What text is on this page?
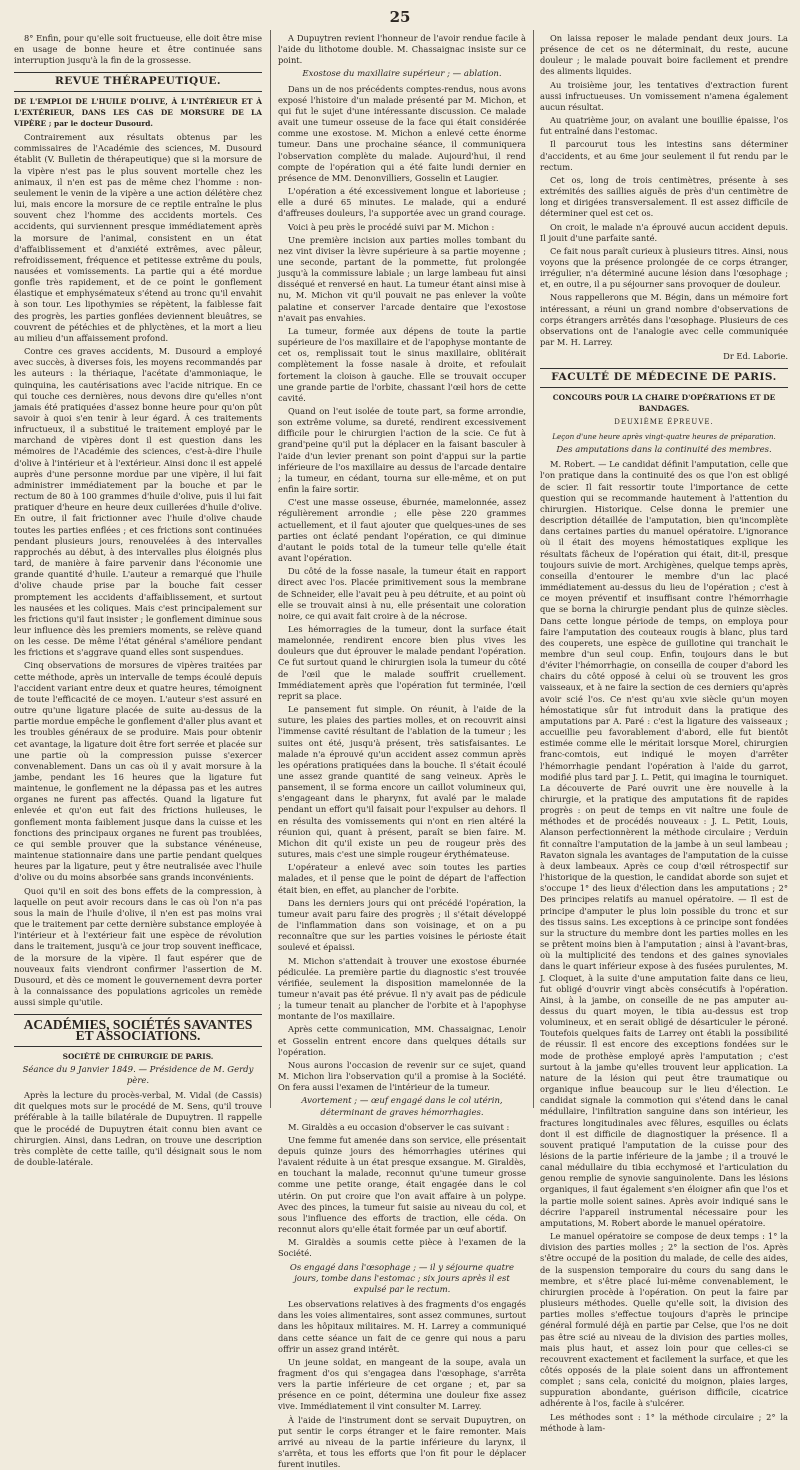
25

8° Enfin, pour qu'elle soit fructueuse, elle doit être mise en usage de bonne heure et être continuée sans interruption jusqu'à la fin de la grossesse.

REVUE THÉRAPEUTIQUE.
DE L'EMPLOI DE L'HUILE D'OLIVE, À L'INTÉRIEUR ET À L'EXTÉRIEUR, DANS LES CAS DE MORSURE DE LA VIPÈRE ; par le docteur Dusourd.

Contrairement aux résultats obtenus par les commissaires de l'Académie des sciences, M. Dusourd établit (V. Bulletin de thérapeutique) que si la morsure de la vipère n'est pas le plus souvent mortelle chez les animaux, il n'en est pas de même chez l'homme : non-seulement le venin de la vipère a une action délétère chez lui, mais encore la morsure de ce reptile entraîne le plus souvent chez l'homme des accidents mortels. Ces accidents, qui surviennent presque immédiatement après la morsure de l'animal, consistent en un état d'affaiblissement et d'anxiété extrêmes, avec pâleur, refroidissement, fréquence et petitesse extrême du pouls, nausées et vomissements. La partie qui a été mordue gonfle très rapidement, et de ce point le gonflement élastique et emphysémateux s'étend au tronc qu'il envahit à son tour. Les lipothymies se répètent, la faiblesse fait des progrès, les parties gonflées deviennent bleuâtres, se couvrent de pétéchies et de phlyctènes, et la mort a lieu au milieu d'un affaissement profond.

Contre ces graves accidents, M. Dusourd a employé avec succès, à diverses fois, les moyens recommandés par les auteurs : la thériaque, l'acétate d'ammoniaque, le quinquina, les cautérisations avec l'acide nitrique. En ce qui touche ces dernières, nous devons dire qu'elles n'ont jamais été pratiquées d'assez bonne heure pour qu'on pût savoir à quoi s'en tenir à leur égard. À ces traitements infructueux, il a substitué le traitement employé par le marchand de vipères dont il est question dans les mémoires de l'Académie des sciences, c'est-à-dire l'huile d'olive à l'intérieur et à l'extérieur. Ainsi donc il est appelé auprès d'une personne mordue par une vipère, il lui fait administrer immédiatement par la bouche et par le rectum de 80 à 100 grammes d'huile d'olive, puis il lui fait pratiquer d'heure en heure deux cuillerées d'huile d'olive. En outre, il fait frictionner avec l'huile d'olive chaude toutes les parties enflées ; et ces frictions sont continuées pendant plusieurs jours, renouvelées à des intervalles rapprochés au début, à des intervalles plus éloignés plus tard, de manière à faire parvenir dans l'économie une grande quantité d'huile. L'auteur a remarqué que l'huile d'olive chaude prise par la bouche fait cesser promptement les accidents d'affaiblissement, et surtout les nausées et les coliques. Mais c'est principalement sur les frictions qu'il faut insister ; le gonflement diminue sous leur influence dès les premiers moments, se relève quand on les cesse. De même l'état général s'améliore pendant les frictions et s'aggrave quand elles sont suspendues.

Cinq observations de morsures de vipères traitées par cette méthode, après un intervalle de temps écoulé depuis l'accident variant entre deux et quatre heures, témoignent de toute l'efficacité de ce moyen. L'auteur s'est assuré en outre qu'une ligature placée de suite au-dessus de la partie mordue empêche le gonflement d'aller plus avant et les troubles généraux de se produire. Mais pour obtenir cet avantage, la ligature doit être fort serrée et placée sur une partie où la compression puisse s'exercer convenablement. Dans un cas où il y avait morsure à la jambe, pendant les 16 heures que la ligature fut maintenue, le gonflement ne la dépassa pas et les autres organes ne furent pas affectés. Quand la ligature fut enlevée et qu'on eut fait des frictions huileuses, le gonflement monta faiblement jusque dans la cuisse et les fonctions des principaux organes ne furent pas troublées, ce qui semble prouver que la substance vénéneuse, maintenue stationnaire dans une partie pendant quelques heures par la ligature, peut y être neutralisée avec l'huile d'olive ou du moins absorbée sans grands inconvénients.

Quoi qu'il en soit des bons effets de la compression, à laquelle on peut avoir recours dans le cas où l'on n'a pas sous la main de l'huile d'olive, il n'en est pas moins vrai que le traitement par cette dernière substance employée à l'intérieur et à l'extérieur fait une espèce de révolution dans le traitement, jusqu'à ce jour trop souvent inefficace, de la morsure de la vipère. Il faut espérer que de nouveaux faits viendront confirmer l'assertion de M. Dusourd, et dès ce moment le gouvernement devra porter à la connaissance des populations agricoles un remède aussi simple qu'utile.

ACADÉMIES, SOCIÉTÉS SAVANTES ET ASSOCIATIONS.
SOCIÉTÉ DE CHIRURGIE DE PARIS.
Séance du 9 Janvier 1849. — Présidence de M. Gerdy père.

Après la lecture du procès-verbal, M. Vidal (de Cassis) dit quelques mots sur le procédé de M. Sens, qu'il trouve préférable à la taille bilatérale de Dupuytren. Il rappelle que le procédé de Dupuytren était connu bien avant ce chirurgien. Ainsi, dans Ledran, on trouve une description très complète de cette taille, qu'il désignait sous le nom de double-latérale.

A Dupuytren revient l'honneur de l'avoir rendue facile à l'aide du lithotome double. M. Chassaignac insiste sur ce point.

Exostose du maxillaire supérieur ; — ablation.

Dans un de nos précédents comptes-rendus, nous avons exposé l'histoire d'un malade présenté par M. Michon, et qui fut le sujet d'une intéressante discussion. Ce malade avait une tumeur osseuse de la face qui était considérée comme une exostose. M. Michon a enlevé cette énorme tumeur. Dans une prochaine séance, il communiquera l'observation complète du malade. Aujourd'hui, il rend compte de l'opération qui a été faite lundi dernier en présence de MM. Denonvilliers, Gosselin et Laugier.

L'opération a été excessivement longue et laborieuse ; elle a duré 65 minutes. Le malade, qui a enduré d'affreuses douleurs, l'a supportée avec un grand courage.

Voici à peu près le procédé suivi par M. Michon :

Une première incision aux parties molles tombant du nez vint diviser la lèvre supérieure à sa partie moyenne ; une seconde, partant de la pommette, fut prolongée jusqu'à la commissure labiale ; un large lambeau fut ainsi disséqué et renversé en haut. La tumeur étant ainsi mise à nu, M. Michon vit qu'il pouvait ne pas enlever la voûte palatine et conserver l'arcade dentaire que l'exostose n'avait pas envahies.

La tumeur, formée aux dépens de toute la partie supérieure de l'os maxillaire et de l'apophyse montante de cet os, remplissait tout le sinus maxillaire, oblitérait complètement la fosse nasale à droite, et refoulait fortement la cloison à gauche. Elle se trouvait occuper une grande partie de l'orbite, chassant l'œil hors de cette cavité.

Quand on l'eut isolée de toute part, sa forme arrondie, son extrême volume, sa dureté, rendirent excessivement difficile pour le chirurgien l'action de la scie. Ce fut à grand'peine qu'il put la déplacer en la faisant basculer à l'aide d'un levier prenant son point d'appui sur la partie inférieure de l'os maxillaire au dessus de l'arcade dentaire ; la tumeur, en cédant, tourna sur elle-même, et on put enfin la faire sortir.

C'est une masse osseuse, éburnée, mamelonnée, assez régulièrement arrondie ; elle pèse 220 grammes actuellement, et il faut ajouter que quelques-unes de ses parties ont éclaté pendant l'opération, ce qui diminue d'autant le poids total de la tumeur telle qu'elle était avant l'opération.

Du côté de la fosse nasale, la tumeur était en rapport direct avec l'os. Placée primitivement sous la membrane de Schneider, elle l'avait peu à peu détruite, et au point où elle se trouvait ainsi à nu, elle présentait une coloration noire, ce qui avait fait croire à de la nécrose.

Les hémorragies de la tumeur, dont la surface était mamelonnée, rendirent encore bien plus vives les douleurs que dut éprouver le malade pendant l'opération. Ce fut surtout quand le chirurgien isola la tumeur du côté de l'œil que le malade souffrit cruellement. Immédiatement après que l'opération fut terminée, l'œil reprit sa place.

Le pansement fut simple. On réunit, à l'aide de la suture, les plaies des parties molles, et on recouvrit ainsi l'immense cavité résultant de l'ablation de la tumeur ; les suites ont été, jusqu'à présent, très satisfaisantes. Le malade n'a éprouvé qu'un accident assez commun après les opérations pratiquées dans la bouche. Il s'était écoulé une assez grande quantité de sang veineux. Après le pansement, il se forma encore un caillot volumineux qui, s'engageant dans le pharynx, fut avalé par le malade pendant un effort qu'il faisait pour l'expulser au dehors. Il en résulta des vomissements qui n'ont en rien altéré la réunion qui, quant à présent, paraît se bien faire. M. Michon dit qu'il existe un peu de rougeur près des sutures, mais c'est une simple rougeur érythémateuse.

L'opérateur a enlevé avec soin toutes les parties malades, et il pense que le point de départ de l'affection était bien, en effet, au plancher de l'orbite.

Dans les derniers jours qui ont précédé l'opération, la tumeur avait paru faire des progrès ; il s'était développé de l'inflammation dans son voisinage, et on a pu reconnaître que sur les parties voisines le périoste était soulevé et épaissi.

M. Michon s'attendait à trouver une exostose éburnée pédiculée. La première partie du diagnostic s'est trouvée vérifiée, seulement la disposition mamelonnée de la tumeur n'avait pas été prévue. Il n'y avait pas de pédicule ; la tumeur tenait au plancher de l'orbite et à l'apophyse montante de l'os maxillaire.

Après cette communication, MM. Chassaignac, Lenoir et Gosselin entrent encore dans quelques détails sur l'opération.

Nous aurons l'occasion de revenir sur ce sujet, quand M. Michon lira l'observation qu'il a promise à la Société. On fera aussi l'examen de l'intérieur de la tumeur.

Avortement ; — œuf engagé dans le col utérin, déterminant de graves hémorrhagies.

M. Giraldès a eu occasion d'observer le cas suivant :

Une femme fut amenée dans son service, elle présentait depuis quinze jours des hémorrhagies utérines qui l'avaient réduite à un état presque exsangue. M. Giraldès, en touchant la malade, reconnut qu'une tumeur grosse comme une petite orange, était engagée dans le col utérin. On put croire que l'on avait affaire à un polype. Avec des pinces, la tumeur fut saisie au niveau du col, et sous l'influence des efforts de traction, elle céda. On reconnut alors qu'elle était formée par un œuf abortif.

M. Giraldès a soumis cette pièce à l'examen de la Société.

Os engagé dans l'œsophage ; — il y séjourne quatre jours, tombe dans l'estomac ; six jours après il est expulsé par le rectum.

Les observations relatives à des fragments d'os engagés dans les voies alimentaires, sont assez communes, surtout dans les hôpitaux militaires. M. H. Larrey a communiqué dans cette séance un fait de ce genre qui nous a paru offrir un assez grand intérêt.

Un jeune soldat, en mangeant de la soupe, avala un fragment d'os qui s'engagea dans l'œsophage, s'arrêta vers la partie inférieure de cet organe ; et, par sa présence en ce point, détermina une douleur fixe assez vive. Immédiatement il vint consulter M. Larrey.

À l'aide de l'instrument dont se servait Dupuytren, on put sentir le corps étranger et le faire remonter. Mais arrivé au niveau de la partie inférieure du larynx, il s'arrêta, et tous les efforts que l'on fit pour le déplacer furent inutiles.

On laissa reposer le malade pendant deux jours. La présence de cet os ne déterminait, du reste, aucune douleur ; le malade pouvait boire facilement et prendre des aliments liquides.

Au troisième jour, les tentatives d'extraction furent aussi infructueuses. Un vomissement n'amena également aucun résultat.

Au quatrième jour, on avalant une bouillie épaisse, l'os fut entraîné dans l'estomac.

Il parcourut tous les intestins sans déterminer d'accidents, et au 6me jour seulement il fut rendu par le rectum.

Cet os, long de trois centimètres, présente à ses extrémités des saillies aiguës de près d'un centimètre de long et dirigées transversalement. Il est assez difficile de déterminer quel est cet os.

On croit, le malade n'a éprouvé aucun accident depuis. Il jouit d'une parfaite santé.

Ce fait nous paraît curieux à plusieurs titres. Ainsi, nous voyons que la présence prolongée de ce corps étranger, irrégulier, n'a déterminé aucune lésion dans l'œsophage ; et, en outre, il a pu séjourner sans provoquer de douleur.

Nous rappellerons que M. Bégin, dans un mémoire fort intéressant, a réuni un grand nombre d'observations de corps étrangers arrêtés dans l'œsophage. Plusieurs de ces observations ont de l'analogie avec celle communiquée par M. H. Larrey.

Dr Ed. Laborie.
FACULTÉ DE MÉDECINE DE PARIS.
CONCOURS POUR LA CHAIRE D'OPÉRATIONS ET DE BANDAGES.
DEUXIÈME ÉPREUVE.
Leçon d'une heure après vingt-quatre heures de préparation.
Des amputations dans la continuité des membres.

M. Robert. — Le candidat définit l'amputation, celle que l'on pratique dans la continuité des os que l'on est obligé de scier. Il fait ressortir toute l'importance de cette question qui se recommande hautement à l'attention du chirurgien. Historique. Celse donna le premier une description détaillée de l'amputation, bien qu'incomplète dans certaines parties du manuel opératoire. L'ignorance où il était des moyens hémostatiques explique les résultats fâcheux de l'opération qui était, dit-il, presque toujours suivie de mort. Archigènes, quelque temps après, conseilla d'entourer le membre d'un lac placé immédiatement au-dessus du lieu de l'opération ; c'est à ce moyen préventif et insuffisant contre l'hémorrhagie que se borna la chirurgie pendant plus de quinze siècles. Dans cette longue période de temps, on employa pour faire l'amputation des couteaux rougis à blanc, plus tard des couperets, une espèce de guillotine qui tranchait le membre d'un seul coup. Enfin, toujours dans le but d'éviter l'hémorrhagie, on conseilla de couper d'abord les chairs du côté opposé à celui où se trouvent les gros vaisseaux, et à ne faire la section de ces derniers qu'après avoir scié l'os. Ce n'est qu'au xvie siècle qu'un moyen hémostatique sûr fut introduit dans la pratique des amputations par A. Paré : c'est la ligature des vaisseaux ; accueillie peu favorablement d'abord, elle fut bientôt estimée comme elle le méritait lorsque Morel, chirurgien franc-comtois, eut indiqué le moyen d'arrêter l'hémorrhagie pendant l'opération à l'aide du garrot, modifié plus tard par J. L. Petit, qui imagina le tourniquet. La découverte de Paré ouvrit une ère nouvelle à la chirurgie, et la pratique des amputations fit de rapides progrès : on peut de temps en vit naître une foule de méthodes et de procédés nouveaux : J. L. Petit, Louis, Alanson perfectionnèrent la méthode circulaire ; Verduin fit connaître l'amputation de la jambe à un seul lambeau ; Ravaton signala les avantages de l'amputation de la cuisse à deux lambeaux. Après ce coup d'œil rétrospectif sur l'historique de la question, le candidat aborde son sujet et s'occupe 1° des lieux d'élection dans les amputations ; 2° Des principes relatifs au manuel opératoire. — Il est de principe d'amputer le plus loin possible du tronc et sur des tissus sains. Les exceptions à ce principe sont fondées sur la structure du membre dont les parties molles en les se prêtent moins bien à l'amputation ; ainsi à l'avant-bras, où la multiplicité des tendons et des gaines synoviales dans le quart inférieur expose à des fusées purulentes, M. J. Cloquet, à la suite d'une amputation faite dans ce lieu, fut obligé d'ouvrir vingt abcès consécutifs à l'opération. Ainsi, à la jambe, on conseille de ne pas amputer au-dessus du quart moyen, le tibia au-dessus est trop volumineux, et en serait obligé de désarticuler le péroné. Toutefois quelques faits de Larrey ont établi la possibilité de réussir. Il est encore des exceptions fondées sur le mode de prothèse employé après l'amputation ; c'est surtout à la jambe qu'elles trouvent leur application. La nature de la lésion qui peut être traumatique ou organique influe beaucoup sur le lieu d'élection. Le candidat signale la commotion qui s'étend dans le canal médullaire, l'infiltration sanguine dans son intérieur, les fractures longitudinales avec fêlures, esquilles ou éclats dont il est difficile de diagnostiquer la présence. Il a souvent pratiqué l'amputation de la cuisse pour des lésions de la partie inférieure de la jambe ; il a trouvé le canal médullaire du tibia ecchymosé et l'articulation du genou remplie de synovie sanguinolente. Dans les lésions organiques, il faut également s'en éloigner afin que l'os et la partie molle soient saines. Après avoir indiqué sans le décrire l'appareil instrumental nécessaire pour les amputations, M. Robert aborde le manuel opératoire.

Le manuel opératoire se compose de deux temps : 1° la division des parties molles ; 2° la section de l'os. Après s'être occupé de la position du malade, de celle des aides, de la suspension temporaire du cours du sang dans le membre, et s'être placé lui-même convenablement, le chirurgien procède à l'opération. On peut la faire par plusieurs méthodes. Quelle qu'elle soit, la division des parties molles s'effectue toujours d'après le principe général formulé déjà en partie par Celse, que l'os ne doit pas être scié au niveau de la division des parties molles, mais plus haut, et assez loin pour que celles-ci se recouvrent exactement et facilement la surface, et que les côtés opposés de la plaie soient dans un affrontement complet ; sans cela, conicité du moignon, plaies larges, suppuration abondante, guérison difficile, cicatrice adhérente à l'os, facile à s'ulcérer.

Les méthodes sont : 1° la méthode circulaire ; 2° la méthode à lam-
